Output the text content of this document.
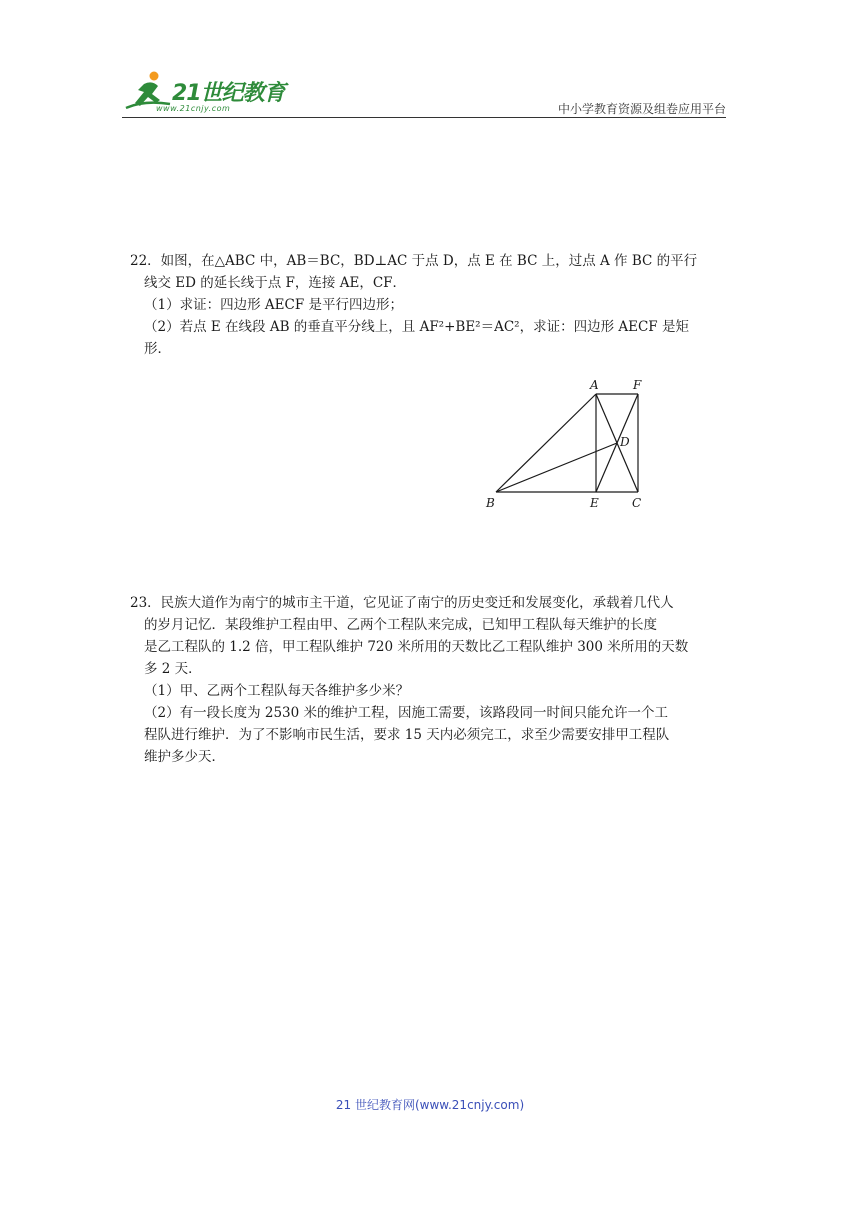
21世纪教育
www.21cnjy.com	中小学教育资源及组卷应用平台

22．如图，在△ABC 中，AB＝BC，BD⊥AC 于点 D，点 E 在 BC 上，过点 A 作 BC 的平行

线交 ED 的延长线于点 F，连接 AE，CF．

（1）求证：四边形 AECF 是平行四边形；

（2）若点 E 在线段 AB 的垂直平分线上，且 AF²+BE²＝AC²，求证：四边形 AECF 是矩

形．

A	F
D
B	E	C

23．民族大道作为南宁的城市主干道，它见证了南宁的历史变迁和发展变化，承载着几代人

的岁月记忆．某段维护工程由甲、乙两个工程队来完成，已知甲工程队每天维护的长度

是乙工程队的 1.2 倍，甲工程队维护 720 米所用的天数比乙工程队维护 300 米所用的天数

多 2 天．

（1）甲、乙两个工程队每天各维护多少米？

（2）有一段长度为 2530 米的维护工程，因施工需要，该路段同一时间只能允许一个工

程队进行维护．为了不影响市民生活，要求 15 天内必须完工，求至少需要安排甲工程队

维护多少天．

21 世纪教育网(www.21cnjy.com)
